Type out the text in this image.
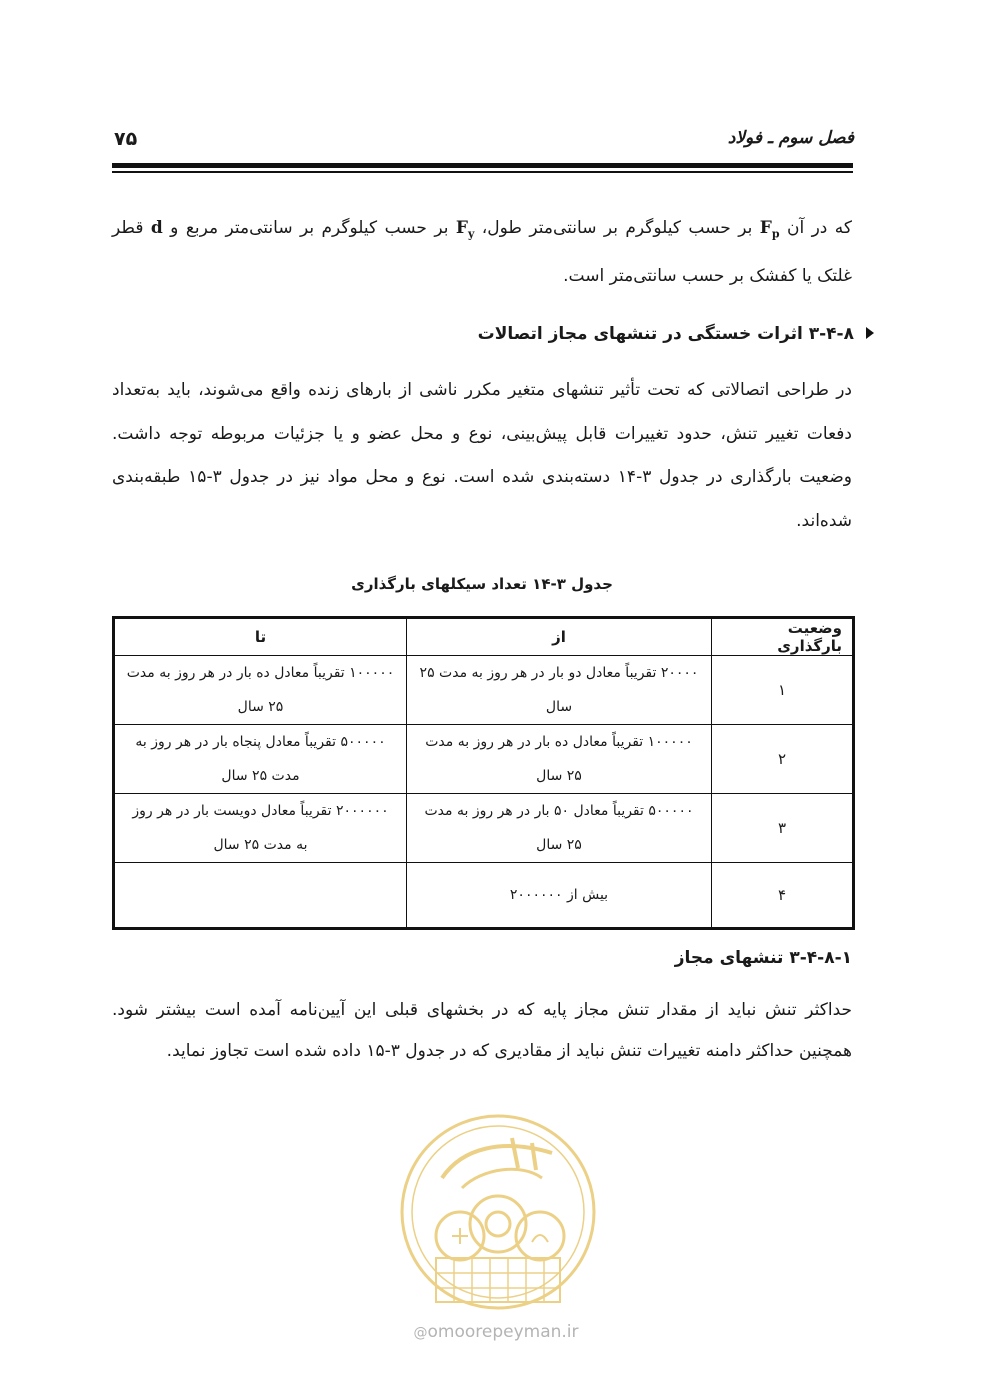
فصل سوم ـ فولاد
۷۵
که در آن $F_p$ بر حسب کیلوگرم بر سانتی‌متر طول، $F_y$ بر حسب کیلوگرم بر سانتی‌متر مربع و d قطر غلتک یا کفشک بر حسب سانتی‌متر است.
۳-۴-۸ اثرات خستگی در تنشهای مجاز اتصالات
در طراحی اتصالاتی که تحت تأثیر تنشهای متغیر مکرر ناشی از بارهای زنده واقع می‌شوند، باید به‌تعداد دفعات تغییر تنش، حدود تغییرات قابل پیش‌بینی، نوع و محل عضو و یا جزئیات مربوطه توجه داشت. وضعیت بارگذاری در جدول ۳-۱۴ دسته‌بندی شده است. نوع و محل مواد نیز در جدول ۳-۱۵ طبقه‌بندی شده‌اند.
جدول ۳-۱۴ تعداد سیکلهای بارگذاری
وضعیت بارگذاری	از	تا
۱	۲۰۰۰۰ تقریباً معادل دو بار در هر روز به مدت ۲۵ سال	۱۰۰۰۰۰ تقریباً معادل ده بار در هر روز به مدت ۲۵ سال
۲	۱۰۰۰۰۰ تقریباً معادل ده بار در هر روز به مدت ۲۵ سال	۵۰۰۰۰۰ تقریباً معادل پنجاه بار در هر روز به مدت ۲۵ سال
۳	۵۰۰۰۰۰ تقریباً معادل ۵۰ بار در هر روز به مدت ۲۵ سال	۲۰۰۰۰۰۰ تقریباً معادل دویست بار در هر روز به مدت ۲۵ سال
۴	بیش از ۲۰۰۰۰۰۰	
۳-۴-۸-۱ تنشهای مجاز
حداکثر تنش نباید از مقدار تنش مجاز پایه که در بخشهای قبلی این آیین‌نامه آمده است بیشتر شود. همچنین حداکثر دامنه تغییرات تنش نباید از مقادیری که در جدول ۳-۱۵ داده شده است تجاوز نماید.
@omoorepeyman.ir
